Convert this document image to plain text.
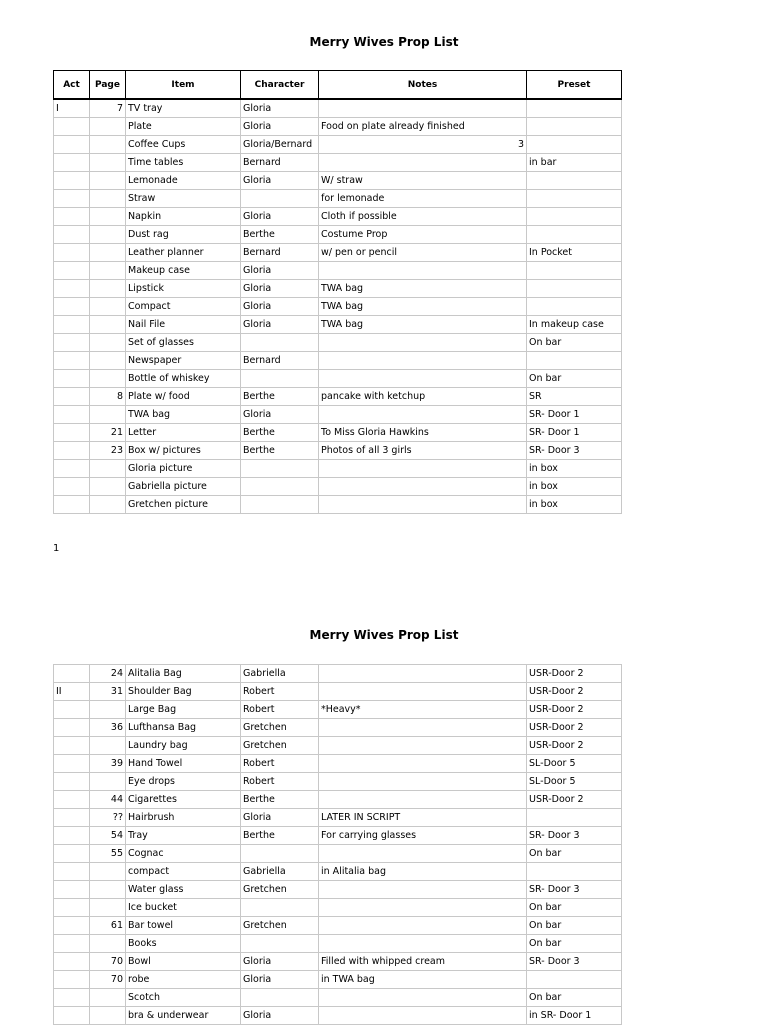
Merry Wives Prop List
Act	Page	Item	Character	Notes	Preset
I	7	TV tray	Gloria	

		Plate	Gloria	Food on plate already finished	
		Coffee Cups	Gloria/Bernard	3	

		Time tables	Bernard		in bar
		Lemonade	Gloria	W/ straw	
		Straw		for lemonade	
		Napkin	Gloria	Cloth if possible	
		Dust rag	Berthe	Costume Prop	
		Leather planner	Bernard	w/ pen or pencil	In Pocket
		Makeup case	Gloria	

		Lipstick	Gloria	TWA bag	
		Compact	Gloria	TWA bag	
		Nail File	Gloria	TWA bag	In makeup case
		Set of glasses			On bar
		Newspaper	Bernard	

		Bottle of whiskey			On bar
	8	Plate w/ food	Berthe	pancake with ketchup	SR
		TWA bag	Gloria		SR- Door 1
	21	Letter	Berthe	To Miss Gloria Hawkins	SR- Door 1
	23	Box w/ pictures	Berthe	Photos of all 3 girls	SR- Door 3
		Gloria picture			in box
		Gabriella picture			in box
		Gretchen picture			in box
1
Merry Wives Prop List
	24	Alitalia Bag	Gabriella		USR-Door 2
II	31	Shoulder Bag	Robert		USR-Door 2
		Large Bag	Robert	*Heavy*	USR-Door 2
	36	Lufthansa Bag	Gretchen		USR-Door 2
		Laundry bag	Gretchen		USR-Door 2
	39	Hand Towel	Robert		SL-Door 5
		Eye drops	Robert		SL-Door 5
	44	Cigarettes	Berthe		USR-Door 2
	??	Hairbrush	Gloria	LATER IN SCRIPT	
	54	Tray	Berthe	For carrying glasses	SR- Door 3
	55	Cognac			On bar
		compact	Gabriella	in Alitalia bag	
		Water glass	Gretchen		SR- Door 3
		Ice bucket			On bar
	61	Bar towel	Gretchen		On bar
		Books			On bar
	70	Bowl	Gloria	Filled with whipped cream	SR- Door 3
	70	robe	Gloria	in TWA bag	
		Scotch			On bar
		bra & underwear	Gloria		in SR- Door 1
